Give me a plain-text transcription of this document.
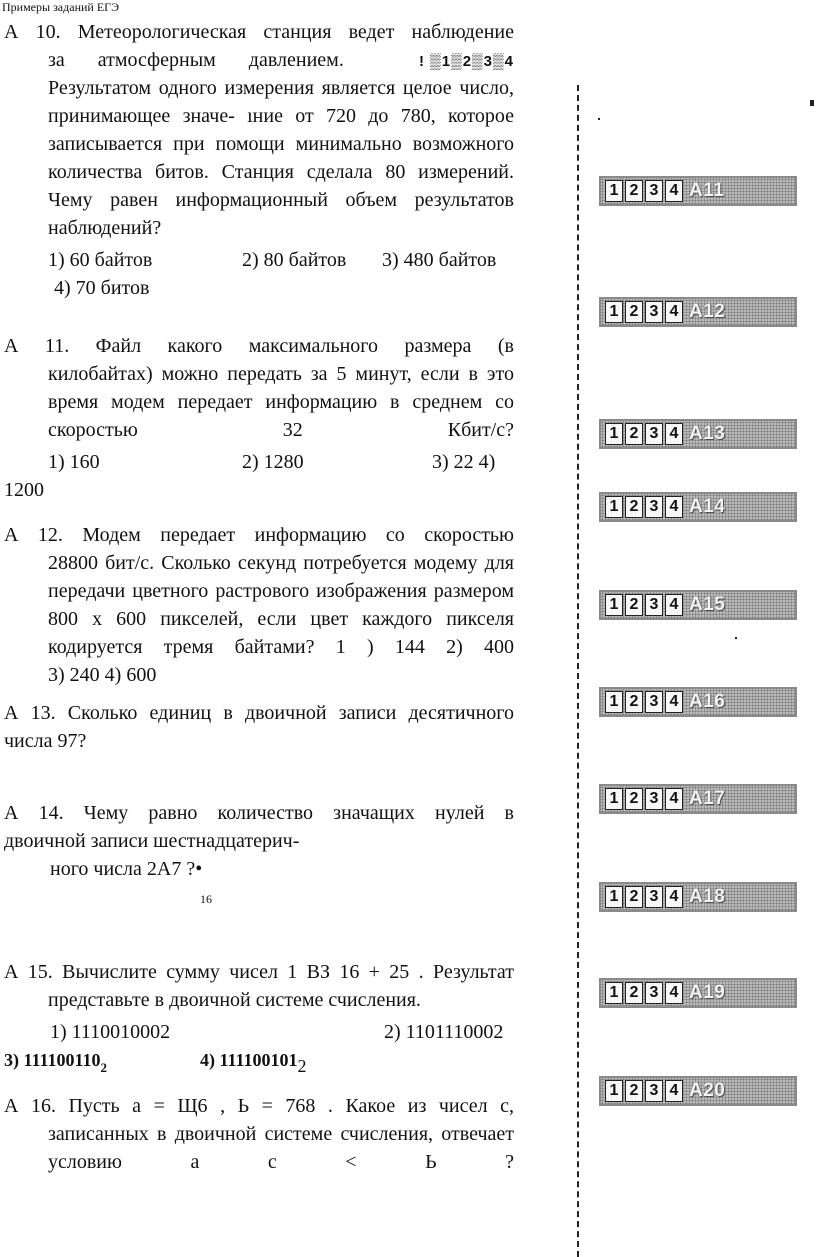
Примеры заданий ЕГЭ

А 10. Метеорологическая станция ведет наблюдение

за атмосферным давлением.	! ▒1▒2▒3▒4

Результатом одного измерения является целое число, принимающее значе- ıние от 720 до 780, которое записывается при помощи минимально возможного количества битов. Станция сделала 80 измерений. Чему равен информационный объем результатов наблюдений?

1) 60 байтов	2) 80 байтов 3) 480 байтов
4) 70 битов

А 11. Файл какого максимального размера (в

килобайтах) можно передать за 5 минут, если в это время модем передает информацию в среднем со скоростью 32 Кбит/с?

1) 160	2) 1280	3) 22 4)
1200

А 12. Модем передает информацию со скоростью

28800 бит/с. Сколько секунд потребуется модему для передачи цветного растрового изображения размером 800 х 600 пикселей, если цвет каждого пикселя кодируется тремя байтами? 1 ) 144 2) 400

3) 240 4) 600

А 13. Сколько единиц в двоичной записи десятичного

числа 97?

А 14. Чему равно количество значащих нулей в

двоичной записи шестнадцатерич-

ного числа 2А7 ?•

16

А 15. Вычислите сумму чисел 1 ВЗ 16 + 25 . Результат

представьте в двоичной системе счисления.

1) 1110010002	2) 1101110002
3) $111100110_2$	4) 1111001012

А 16. Пусть а = Щ6 , Ь = 768 . Какое из чисел с,

записанных в двоичной системе счисления, отвечает условию а с < Ь ?

1 2 3 4 A11
1 2 3 4 A12
1 2 3 4 A13
1 2 3 4 A14
1 2 3 4 A15
1 2 3 4 A16
1 2 3 4 A17
1 2 3 4 A18
1 2 3 4 A19
1 2 3 4 A20
